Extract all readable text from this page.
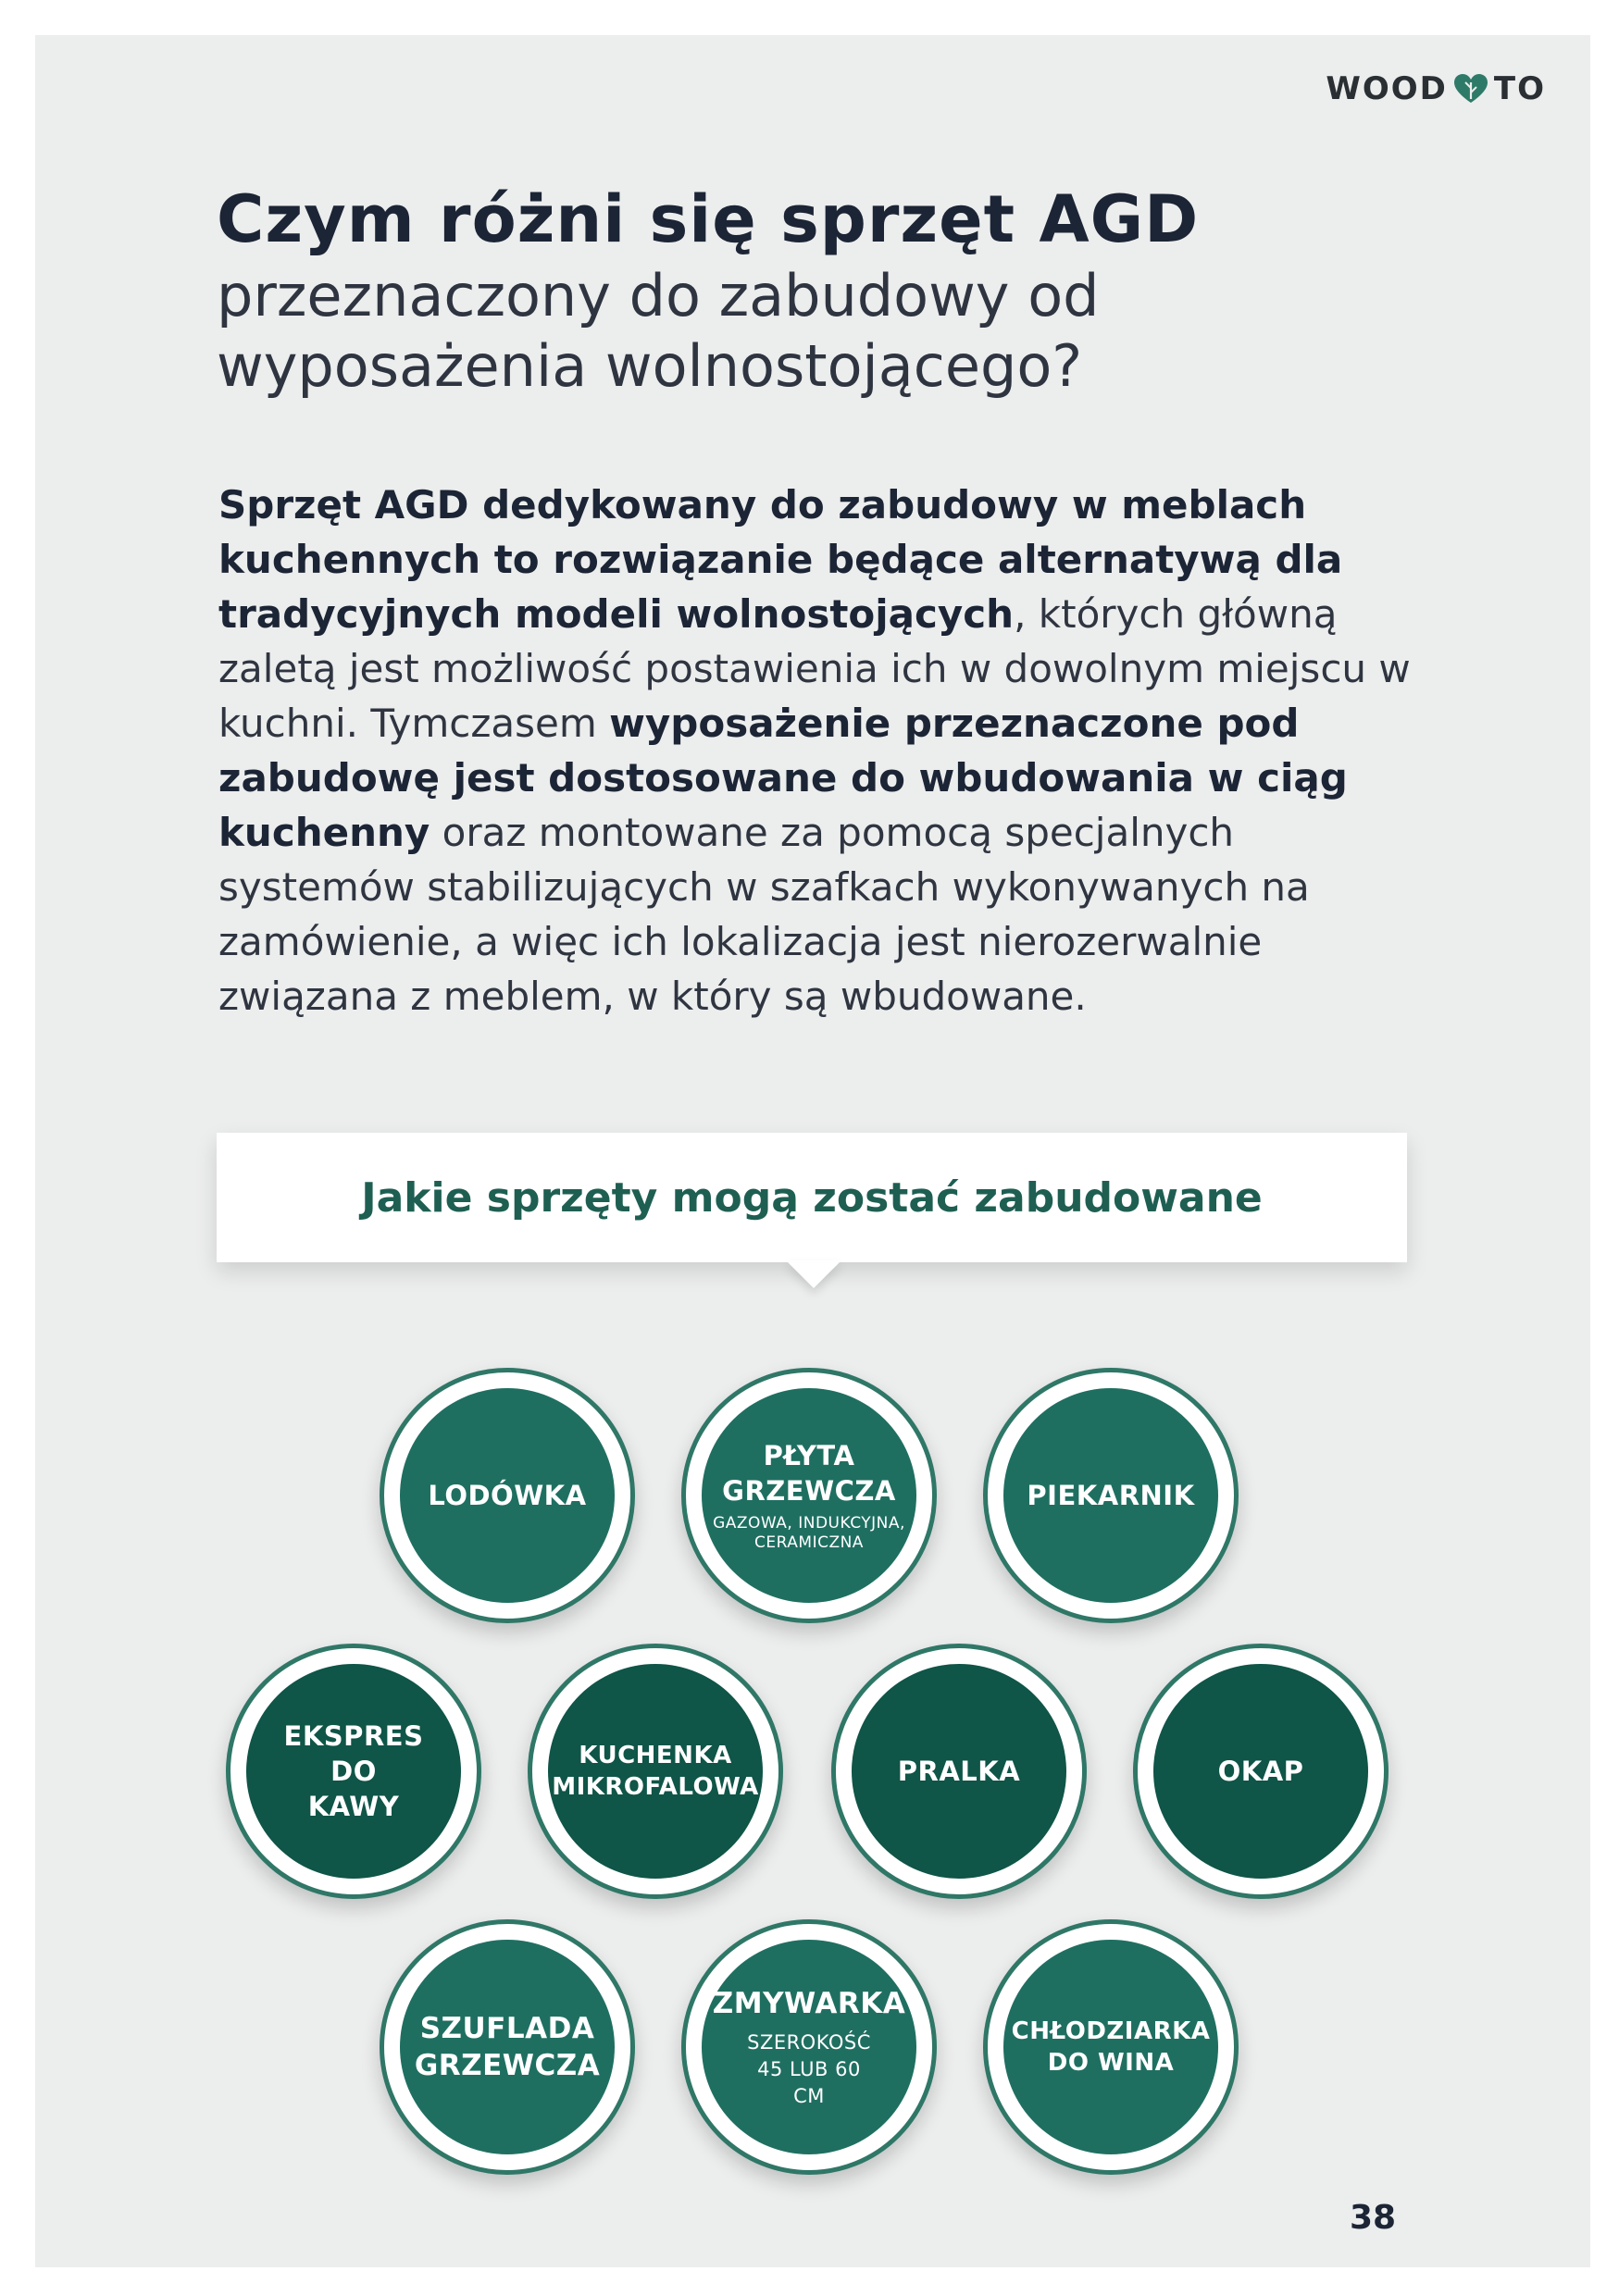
WOOD TO
Czym różni się sprzęt AGD
przeznaczony do zabudowy od wyposażenia wolnostojącego?
Sprzęt AGD dedykowany do zabudowy w meblach kuchennych to rozwiązanie będące alternatywą dla tradycyjnych modeli wolnostojących, których główną zaletą jest możliwość postawienia ich w dowolnym miejscu w kuchni. Tymczasem wyposażenie przeznaczone pod zabudowę jest dostosowane do wbudowania w ciąg kuchenny oraz montowane za pomocą specjalnych systemów stabilizujących w szafkach wykonywanych na zamówienie, a więc ich lokalizacja jest nierozerwalnie związana z meblem, w który są wbudowane.
Jakie sprzęty mogą zostać zabudowane
LODÓWKA
PŁYTA GRZEWCZA
GAZOWA, INDUKCYJNA, CERAMICZNA
PIEKARNIK
EKSPRES DO KAWY
KUCHENKA MIKROFALOWA	PRALKA	OKAP
SZUFLADA GRZEWCZA
ZMYWARKA
SZEROKOŚĆ 45 LUB 60 CM
CHŁODZIARKA DO WINA
38
